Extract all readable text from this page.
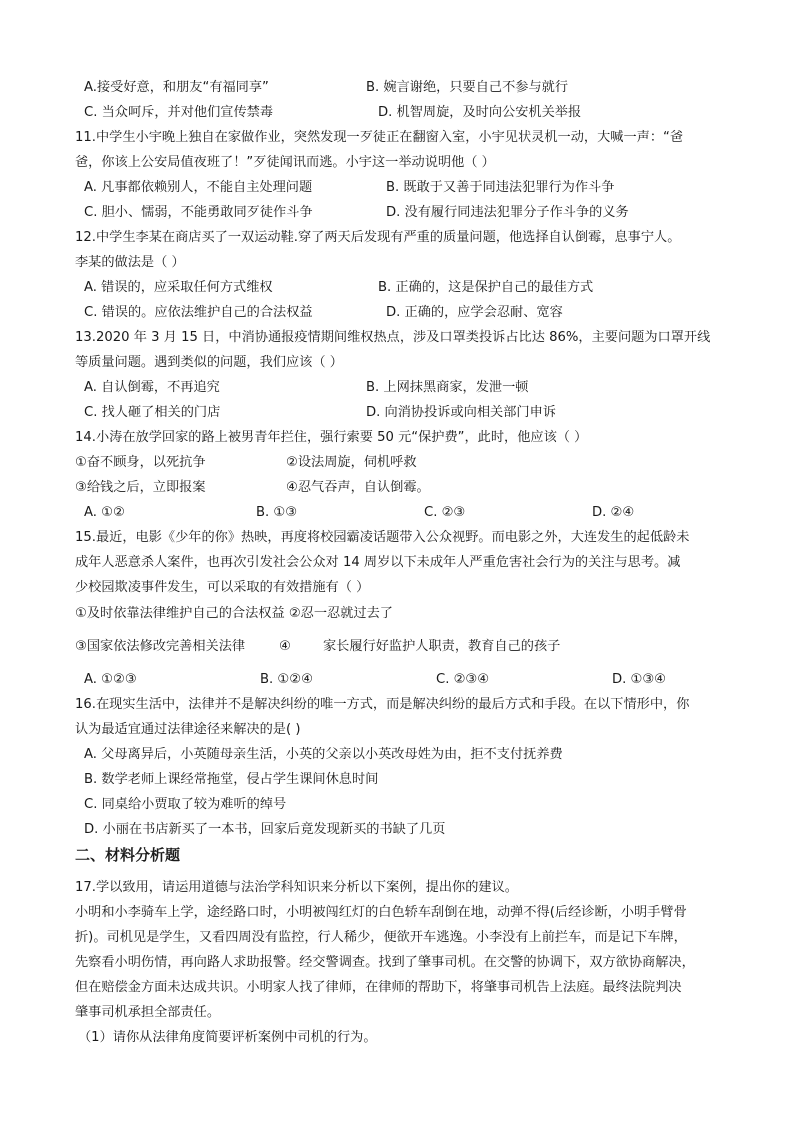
A.接受好意，和朋友“有福同享”	B. 婉言谢绝，只要自己不参与就行
C. 当众呵斥，并对他们宣传禁毒	D. 机智周旋，及时向公安机关举报
11.中学生小宇晚上独自在家做作业，突然发现一歹徒正在翻窗入室，小宇见状灵机一动，大喊一声：“爸
爸，你该上公安局值夜班了！”歹徒闻讯而逃。小宇这一举动说明他（ ）
A. 凡事都依赖别人，不能自主处理问题	B. 既敢于又善于同违法犯罪行为作斗争
C. 胆小、懦弱，不能勇敢同歹徒作斗争	D. 没有履行同违法犯罪分子作斗争的义务
12.中学生李某在商店买了一双运动鞋.穿了两天后发现有严重的质量问题，他选择自认倒霉，息事宁人。
李某的做法是（ ）
A. 错误的，应采取任何方式维权	B. 正确的，这是保护自己的最佳方式
C. 错误的。应依法维护自己的合法权益	D. 正确的，应学会忍耐、宽容
13.2020 年 3 月 15 日，中消协通报疫情期间维权热点，涉及口罩类投诉占比达 86%，主要问题为口罩开线
等质量问题。遇到类似的问题，我们应该（ ）
A. 自认倒霉，不再追究	B. 上网抹黑商家，发泄一顿
C. 找人砸了相关的门店	D. 向消协投诉或向相关部门申诉
14.小涛在放学回家的路上被男青年拦住，强行索要 50 元“保护费”，此时，他应该（ ）
①奋不顾身，以死抗争	②设法周旋，伺机呼救
③给钱之后，立即报案	④忍气吞声，自认倒霉。
A. ①②	B. ①③	C. ②③	D. ②④
15.最近，电影《少年的你》热映，再度将校园霸凌话题带入公众视野。而电影之外，大连发生的起低龄未
成年人恶意杀人案件，也再次引发社会公众对 14 周岁以下未成年人严重危害社会行为的关注与思考。减
少校园欺凌事件发生，可以采取的有效措施有（ ）
①及时依靠法律维护自己的合法权益 ②忍一忍就过去了
③国家依法修改完善相关法律	④ 家长履行好监护人职责，教育自己的孩子
A. ①②③	B. ①②④	C. ②③④	D. ①③④
16.在现实生活中，法律并不是解决纠纷的唯一方式，而是解决纠纷的最后方式和手段。在以下情形中，你
认为最适宜通过法律途径来解决的是( )
A. 父母离异后，小英随母亲生活，小英的父亲以小英改母姓为由，拒不支付抚养费
B. 数学老师上课经常拖堂，侵占学生课间休息时间
C. 同桌给小贾取了较为难听的绰号
D. 小丽在书店新买了一本书，回家后竟发现新买的书缺了几页
二、材料分析题
17.学以致用，请运用道德与法治学科知识来分析以下案例，提出你的建议。
小明和小李骑车上学，途经路口时，小明被闯红灯的白色轿车刮倒在地，动弹不得(后经诊断，小明手臂骨
折)。司机见是学生，又看四周没有监控，行人稀少，便欲开车逃逸。小李没有上前拦车，而是记下车牌，
先察看小明伤情，再向路人求助报警。经交警调查。找到了肇事司机。在交警的协调下，双方欲协商解决，
但在赔偿金方面未达成共识。小明家人找了律师，在律师的帮助下，将肇事司机告上法庭。最终法院判决
肇事司机承担全部责任。
（1）请你从法律角度简要评析案例中司机的行为。
